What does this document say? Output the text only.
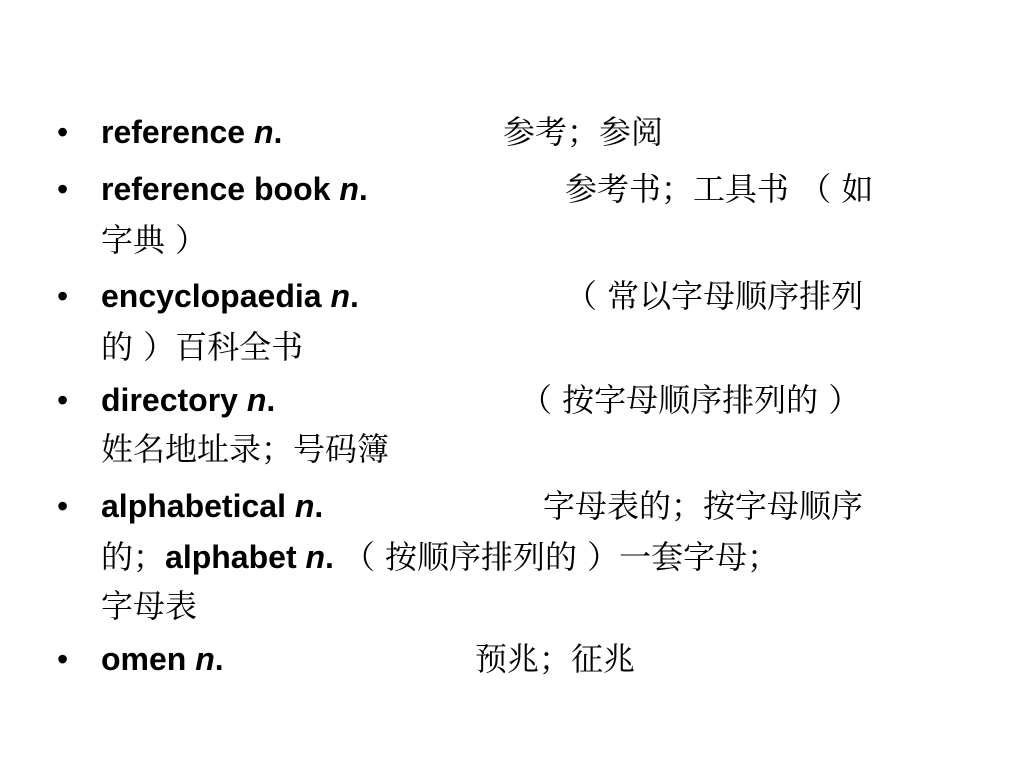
• reference n.	参考；参阅
• reference book n.	参考书；工具书 （ 如
字典 ）
• encyclopaedia n.	（ 常以字母顺序排列
的 ）百科全书
• directory n.	（ 按字母顺序排列的 ）
姓名地址录；号码簿
• alphabetical n.	字母表的；按字母顺序
的；alphabet n. （ 按顺序排列的 ）一套字母；
字母表
• omen n.	预兆；征兆
